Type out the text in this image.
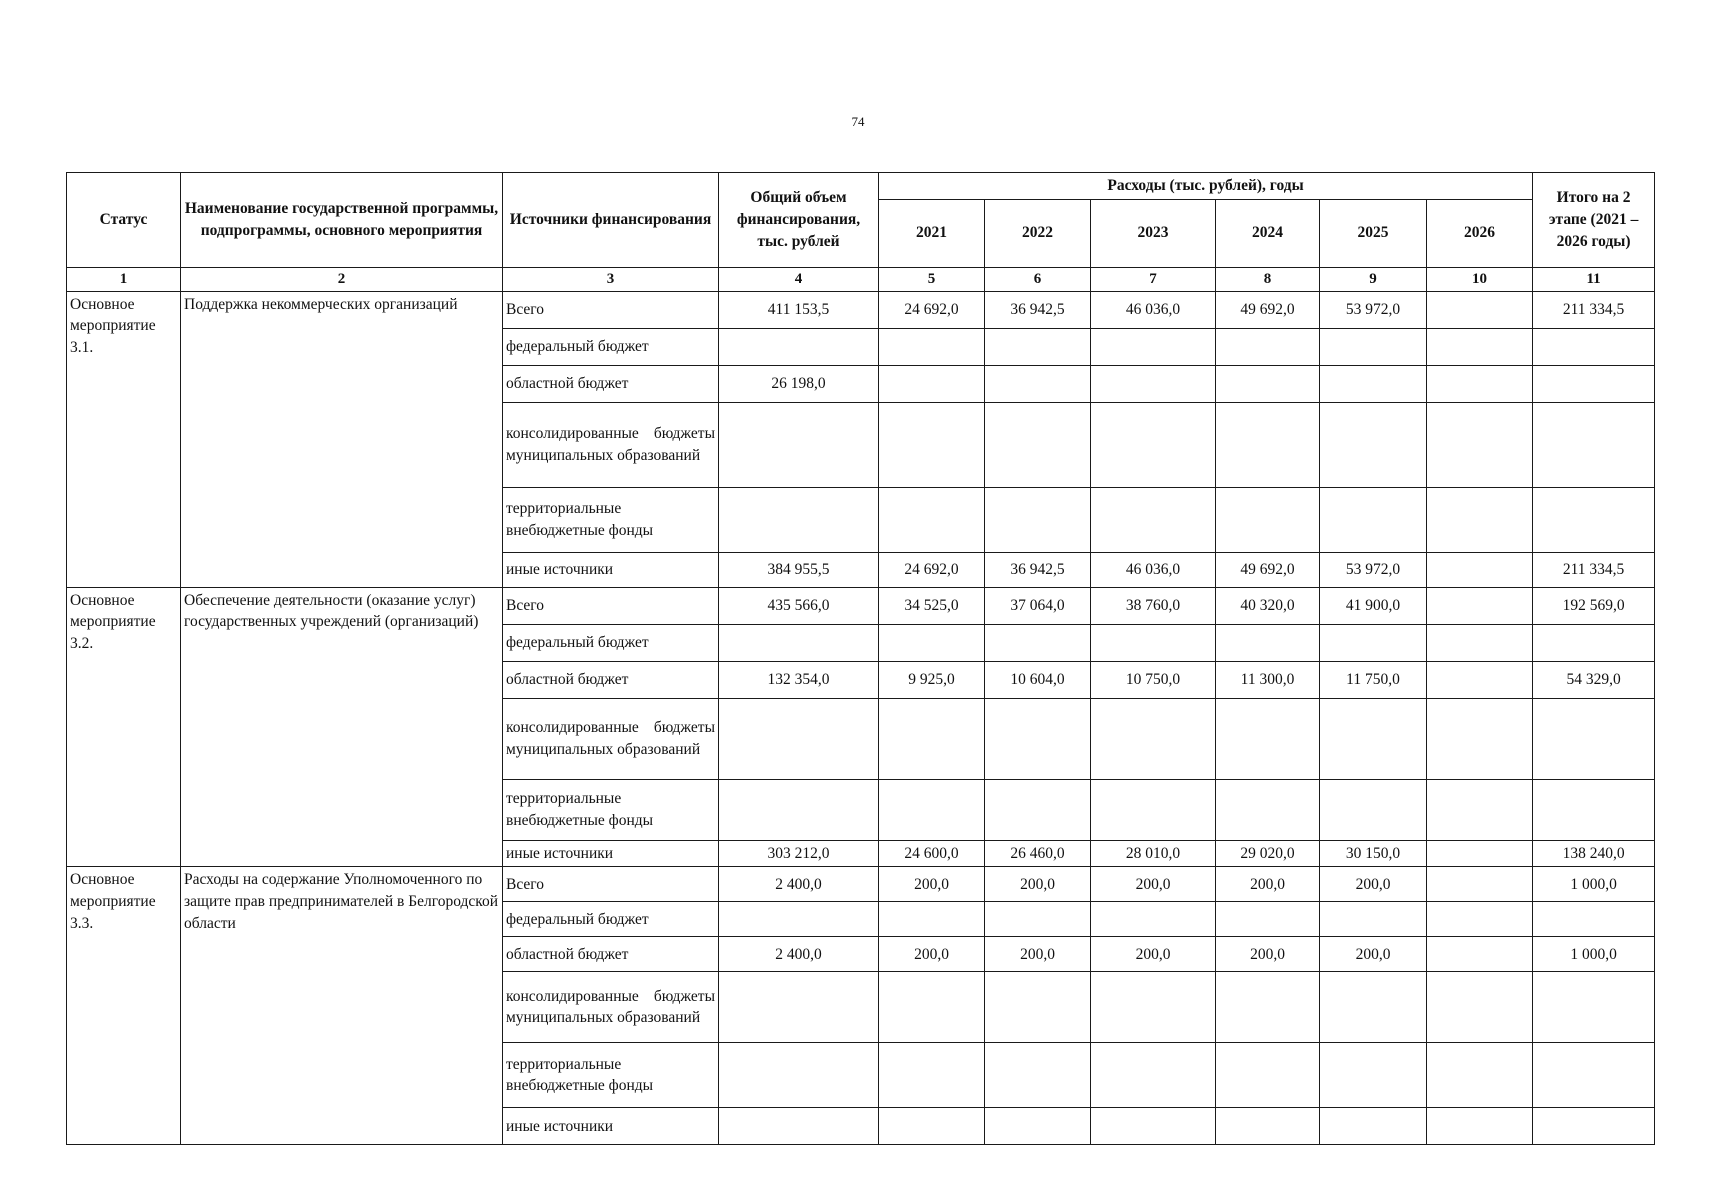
74
Статус	Наименование государственной программы, подпрограммы, основного мероприятия	Источники финансирования	Общий объем финансирования, тыс. рублей	Расходы (тыс. рублей), годы						Итого на 2 этапе (2021 – 2026 годы)
				2021	2022	2023	2024	2025	2026	
1	2	3	4	5	6	7	8	9	10	11
Основное мероприятие 3.1.	Поддержка некоммерческих организаций	Всего	411 153,5	24 692,0	36 942,5	46 036,0	49 692,0	53 972,0		211 334,5
		федеральный бюджет								
		областной бюджет	26 198,0							
		консолидированные бюджеты муниципальных образований								
		территориальные внебюджетные фонды								
		иные источники	384 955,5	24 692,0	36 942,5	46 036,0	49 692,0	53 972,0		211 334,5
Основное мероприятие 3.2.	Обеспечение деятельности (оказание услуг) государственных учреждений (организаций)	Всего	435 566,0	34 525,0	37 064,0	38 760,0	40 320,0	41 900,0		192 569,0
		федеральный бюджет								
		областной бюджет	132 354,0	9 925,0	10 604,0	10 750,0	11 300,0	11 750,0		54 329,0
		консолидированные бюджеты муниципальных образований								
		территориальные внебюджетные фонды								
		иные источники	303 212,0	24 600,0	26 460,0	28 010,0	29 020,0	30 150,0		138 240,0
Основное мероприятие 3.3.	Расходы на содержание Уполномоченного по защите прав предпринимателей в Белгородской области	Всего	2 400,0	200,0	200,0	200,0	200,0	200,0		1 000,0
		федеральный бюджет								
		областной бюджет	2 400,0	200,0	200,0	200,0	200,0	200,0		1 000,0
		консолидированные бюджеты муниципальных образований								
		территориальные внебюджетные фонды								
		иные источники								
